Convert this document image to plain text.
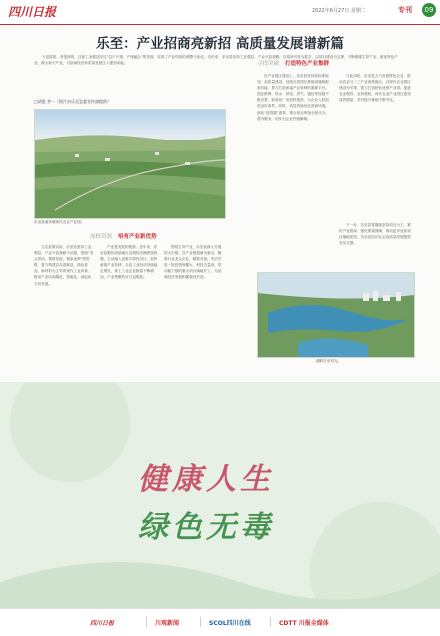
四川日报	2022年6月27日 星期二	专刊	09
乐至：产业招商亮新招 高质量发展谱新篇
天是蓝的，草是绿的，这座工业强县经过“以产兴城、产城融合”的发展，实现了产业结构的调整与优化。近年来，乐至县坚持工业强县、产业兴县战略，以招商引资为抓手，以项目建设为支撑，不断做强主导产业、做优特色产业、做大新兴产业，为县域经济高质量发展注入强劲动能。
□胡思 李一（图片由乐至县委宣传部提供）
乐至县童家镇现代农业产业园。
深植资源 培育产业新优势
寻找突破 打造特色产业集群
立足县情实际，乐至县坚持工业强县、产业兴县战略不动摇，按照“龙头带动、集群发展、链条延伸”的思路，着力构建以先进制造、绿色食品、新材料为主导的现代工业体系，推动产业向高端化、智能化、绿色化方向发展。
产业是发展的根基。近年来，乐至县紧扣成渝地区双城经济圈建设机遇，主动融入成都平原经济区，加快承接产业转移，全县工业经济持续稳定增长，规上工业企业数量不断增加，产业集聚效应日益明显。
围绕主导产业，乐至县深入开展招大引强，以产业链招商为重点，瞄准行业龙头企业，精准对接，先后引进一批投资规模大、科技含量高、带动能力强的重大项目落地开工，为县域经济发展积蓄强劲后劲。
在产业园区建设上，乐至县坚持高标准规划、高质量建设，持续完善园区基础设施和配套功能，着力打造承接产业转移的重要平台。园区路网、供水、供电、供气、通信等设施不断完善，标准化厂房加快建设，为企业入驻创造良好条件。同时，该县持续优化营商环境，深化“放管服”改革，推行项目审批全程代办、帮办服务，切实为企业纾困解难。
与此同时，乐至县大力发展特色农业，推动农业与二三产业深度融合，以现代农业园区建设为引领，着力打造特色优势产业带，促进农业增效、农民增收，现代农业产业园区建设成效明显，乡村振兴基础不断夯实。
下一步，乐至县将继续坚持项目为王，紧盯产业招商，强化要素保障，推动更多优质项目落地见效，为全县经济社会高质量发展提供坚实支撑。
湖畔乐至风光。
健康人生
绿色无毒
四川日报	川观新闻	SCOL四川在线	CDTT 川报全媒体
